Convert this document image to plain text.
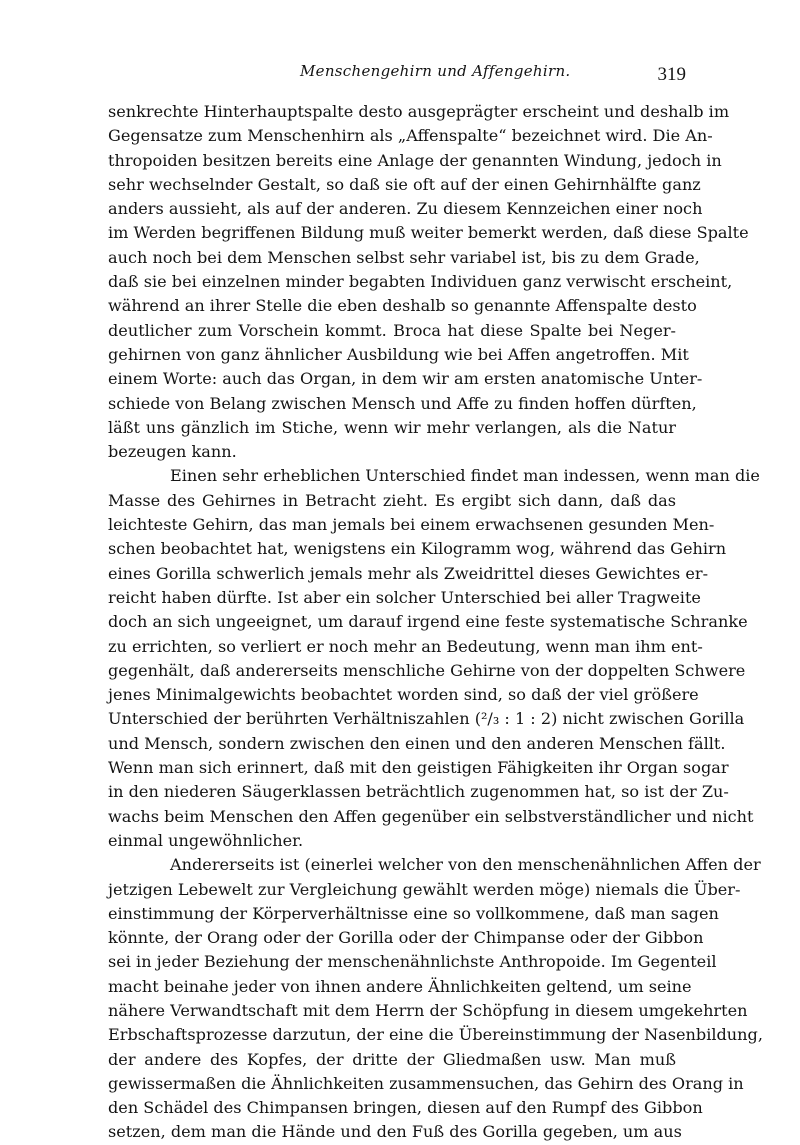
Menschengehirn und Affengehirn.	319
senkrechte Hinterhauptspalte desto ausgeprägter erscheint und deshalb im
Gegensatze zum Menschenhirn als „Affenspalte“ bezeichnet wird. Die An-
thropoiden besitzen bereits eine Anlage der genannten Windung, jedoch in
sehr wechselnder Gestalt, so daß sie oft auf der einen Gehirnhälfte ganz
anders aussieht, als auf der anderen. Zu diesem Kennzeichen einer noch
im Werden begriffenen Bildung muß weiter bemerkt werden, daß diese Spalte
auch noch bei dem Menschen selbst sehr variabel ist, bis zu dem Grade,
daß sie bei einzelnen minder begabten Individuen ganz verwischt erscheint,
während an ihrer Stelle die eben deshalb so genannte Affenspalte desto
deutlicher zum Vorschein kommt. Broca hat diese Spalte bei Neger-
gehirnen von ganz ähnlicher Ausbildung wie bei Affen angetroffen. Mit
einem Worte: auch das Organ, in dem wir am ersten anatomische Unter-
schiede von Belang zwischen Mensch und Affe zu finden hoffen dürften,
läßt uns gänzlich im Stiche, wenn wir mehr verlangen, als die Natur
bezeugen kann.
Einen sehr erheblichen Unterschied findet man indessen, wenn man die
Masse des Gehirnes in Betracht zieht. Es ergibt sich dann, daß das
leichteste Gehirn, das man jemals bei einem erwachsenen gesunden Men-
schen beobachtet hat, wenigstens ein Kilogramm wog, während das Gehirn
eines Gorilla schwerlich jemals mehr als Zweidrittel dieses Gewichtes er-
reicht haben dürfte. Ist aber ein solcher Unterschied bei aller Tragweite
doch an sich ungeeignet, um darauf irgend eine feste systematische Schranke
zu errichten, so verliert er noch mehr an Bedeutung, wenn man ihm ent-
gegenhält, daß andererseits menschliche Gehirne von der doppelten Schwere
jenes Minimalgewichts beobachtet worden sind, so daß der viel größere
Unterschied der berührten Verhältniszahlen (²/₃ : 1 : 2) nicht zwischen Gorilla
und Mensch, sondern zwischen den einen und den anderen Menschen fällt.
Wenn man sich erinnert, daß mit den geistigen Fähigkeiten ihr Organ sogar
in den niederen Säugerklassen beträchtlich zugenommen hat, so ist der Zu-
wachs beim Menschen den Affen gegenüber ein selbstverständlicher und nicht
einmal ungewöhnlicher.
Andererseits ist (einerlei welcher von den menschenähnlichen Affen der
jetzigen Lebewelt zur Vergleichung gewählt werden möge) niemals die Über-
einstimmung der Körperverhältnisse eine so vollkommene, daß man sagen
könnte, der Orang oder der Gorilla oder der Chimpanse oder der Gibbon
sei in jeder Beziehung der menschenähnlichste Anthropoide. Im Gegenteil
macht beinahe jeder von ihnen andere Ähnlichkeiten geltend, um seine
nähere Verwandtschaft mit dem Herrn der Schöpfung in diesem umgekehrten
Erbschaftsprozesse darzutun, der eine die Übereinstimmung der Nasenbildung,
der andere des Kopfes, der dritte der Gliedmaßen usw. Man muß
gewissermaßen die Ähnlichkeiten zusammensuchen, das Gehirn des Orang in
den Schädel des Chimpansen bringen, diesen auf den Rumpf des Gibbon
setzen, dem man die Hände und den Fuß des Gorilla gegeben, um aus
